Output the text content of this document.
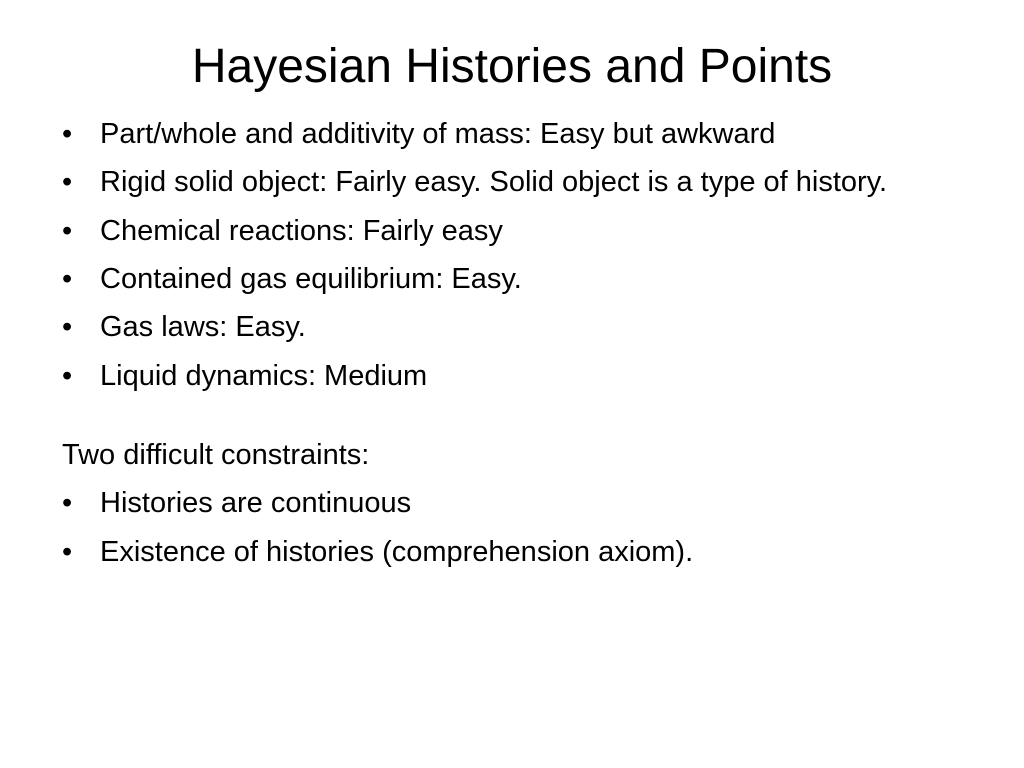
Hayesian Histories and Points
• Part/whole and additivity of mass: Easy but awkward
• Rigid solid object: Fairly easy. Solid object is a type of history.
• Chemical reactions: Fairly easy
• Contained gas equilibrium: Easy.
• Gas laws: Easy.
• Liquid dynamics: Medium
Two difficult constraints:
• Histories are continuous
• Existence of histories (comprehension axiom).
